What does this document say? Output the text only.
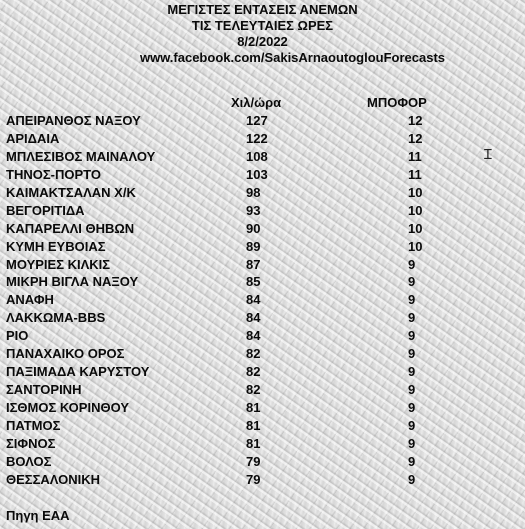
ΜΕΓΙΣΤΕΣ ΕΝΤΑΣΕΙΣ ΑΝΕΜΩΝ
ΤΙΣ ΤΕΛΕΥΤΑΙΕΣ ΩΡΕΣ
8/2/2022
www.facebook.com/SakisArnaoutoglouForecasts
Χιλ/ώρα	ΜΠΟΦΟΡ
ΑΠΕΙΡΑΝΘΟΣ ΝΑΞΟΥ	127	12
ΑΡΙΔΑΙΑ	122	12
ΜΠΛΕΣΙΒΟΣ ΜΑΙΝΑΛΟΥ	108	11
ΤΗΝΟΣ-ΠΟΡΤΟ	103	11
ΚΑΙΜΑΚΤΣΑΛΑΝ Χ/Κ	98	10
ΒΕΓΟΡΙΤΙΔΑ	93	10
ΚΑΠΑΡΕΛΛΙ ΘΗΒΩΝ	90	10
ΚΥΜΗ ΕΥΒΟΙΑΣ	89	10
ΜΟΥΡΙΕΣ ΚΙΛΚΙΣ	87	9
ΜΙΚΡΗ ΒΙΓΛΑ ΝΑΞΟΥ	85	9
ΑΝΑΦΗ	84	9
ΛΑΚΚΩΜΑ-BBS	84	9
ΡΙΟ	84	9
ΠΑΝΑΧΑΙΚΟ ΟΡΟΣ	82	9
ΠΑΞΙΜΑΔΑ ΚΑΡΥΣΤΟΥ	82	9
ΣΑΝΤΟΡΙΝΗ	82	9
ΙΣΘΜΟΣ ΚΟΡΙΝΘΟΥ	81	9
ΠΑΤΜΟΣ	81	9
ΣΙΦΝΟΣ	81	9
ΒΟΛΟΣ	79	9
ΘΕΣΣΑΛΟΝΙΚΗ	79	9
Πηγη ΕΑΑ
Ɪ
